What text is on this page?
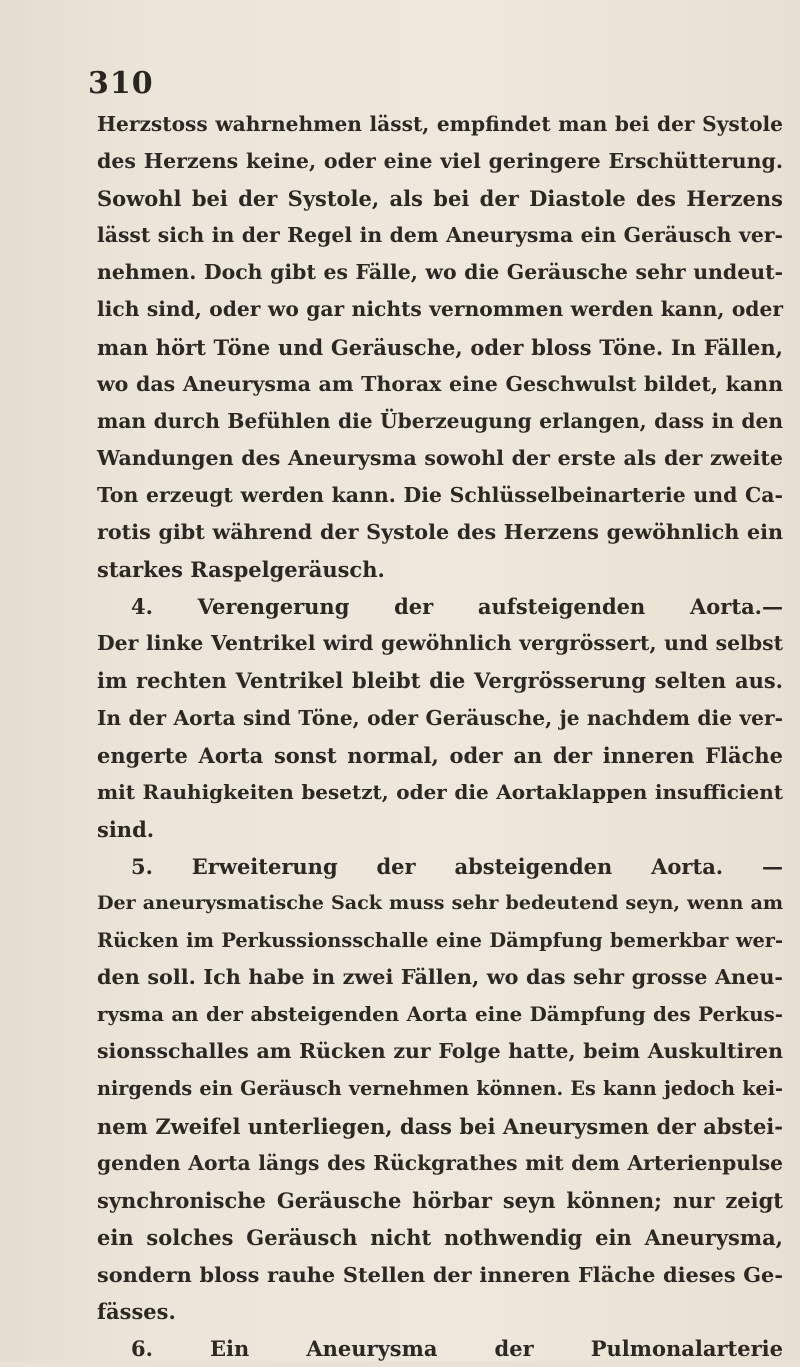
310
Herzstoss wahrnehmen lässt, empfindet man bei der Systole
des Herzens keine, oder eine viel geringere Erschütterung.
Sowohl bei der Systole, als bei der Diastole des Herzens
lässt sich in der Regel in dem Aneurysma ein Geräusch ver-
nehmen. Doch gibt es Fälle, wo die Geräusche sehr undeut-
lich sind, oder wo gar nichts vernommen werden kann, oder
man hört Töne und Geräusche, oder bloss Töne. In Fällen,
wo das Aneurysma am Thorax eine Geschwulst bildet, kann
man durch Befühlen die Überzeugung erlangen, dass in den
Wandungen des Aneurysma sowohl der erste als der zweite
Ton erzeugt werden kann. Die Schlüsselbeinarterie und Ca-
rotis gibt während der Systole des Herzens gewöhnlich ein
starkes Raspelgeräusch.
4. Verengerung der aufsteigenden Aorta.—
Der linke Ventrikel wird gewöhnlich vergrössert, und selbst
im rechten Ventrikel bleibt die Vergrösserung selten aus.
In der Aorta sind Töne, oder Geräusche, je nachdem die ver-
engerte Aorta sonst normal, oder an der inneren Fläche
mit Rauhigkeiten besetzt, oder die Aortaklappen insufficient
sind.
5. Erweiterung der absteigenden Aorta. —
Der aneurysmatische Sack muss sehr bedeutend seyn, wenn am
Rücken im Perkussionsschalle eine Dämpfung bemerkbar wer-
den soll. Ich habe in zwei Fällen, wo das sehr grosse Aneu-
rysma an der absteigenden Aorta eine Dämpfung des Perkus-
sionsschalles am Rücken zur Folge hatte, beim Auskultiren
nirgends ein Geräusch vernehmen können. Es kann jedoch kei-
nem Zweifel unterliegen, dass bei Aneurysmen der abstei-
genden Aorta längs des Rückgrathes mit dem Arterienpulse
synchronische Geräusche hörbar seyn können; nur zeigt
ein solches Geräusch nicht nothwendig ein Aneurysma,
sondern bloss rauhe Stellen der inneren Fläche dieses Ge-
fässes.
6. Ein Aneurysma der Pulmonalarterie
